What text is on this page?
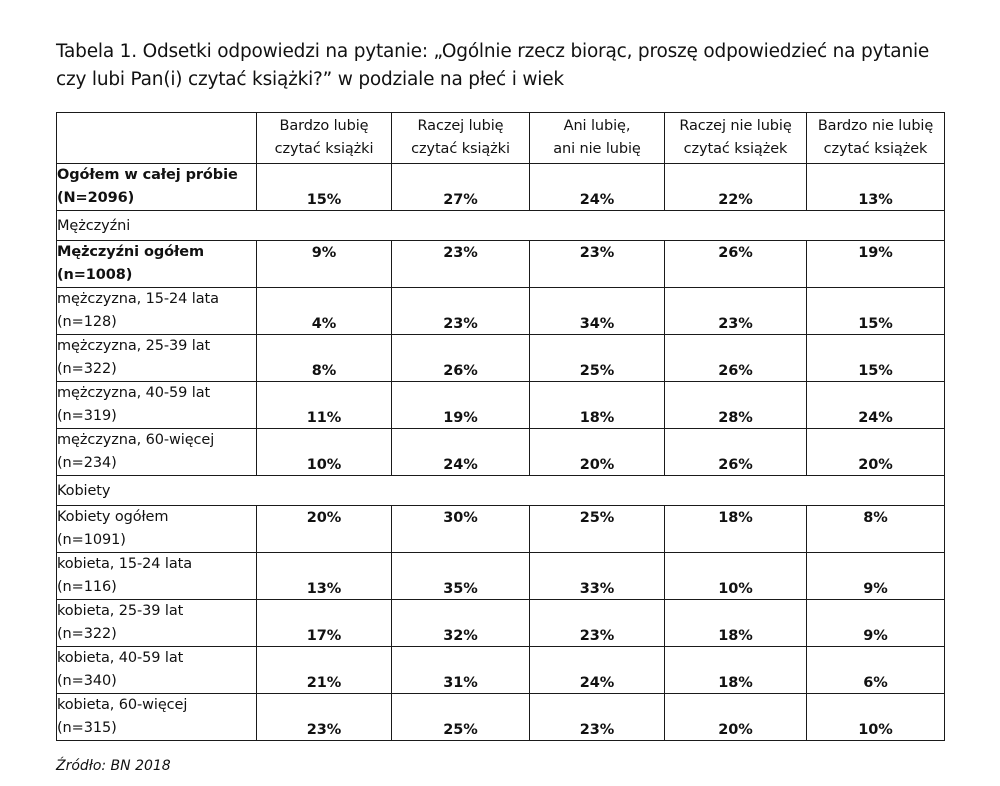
Tabela 1. Odsetki odpowiedzi na pytanie: „Ogólnie rzecz biorąc, proszę odpowiedzieć na pytanie czy lubi Pan(i) czytać książki?” w podziale na płeć i wiek
	Bardzo lubię
czytać książki	Raczej lubię
czytać książki	Ani lubię,
ani nie lubię	Raczej nie lubię
czytać książek	Bardzo nie lubię
czytać książek
Ogółem w całej próbie
(N=2096)	15%	27%	24%	22%	13%
Mężczyźni					
Mężczyźni ogółem
(n=1008)	9%	23%	23%	26%	19%
mężczyzna, 15-24 lata
(n=128)	4%	23%	34%	23%	15%
mężczyzna, 25-39 lat
(n=322)	8%	26%	25%	26%	15%
mężczyzna, 40-59 lat
(n=319)	11%	19%	18%	28%	24%
mężczyzna, 60-więcej
(n=234)	10%	24%	20%	26%	20%
Kobiety					
Kobiety ogółem
(n=1091)	20%	30%	25%	18%	8%
kobieta, 15-24 lata
(n=116)	13%	35%	33%	10%	9%
kobieta, 25-39 lat
(n=322)	17%	32%	23%	18%	9%
kobieta, 40-59 lat
(n=340)	21%	31%	24%	18%	6%
kobieta, 60-więcej
(n=315)	23%	25%	23%	20%	10%
Źródło: BN 2018
